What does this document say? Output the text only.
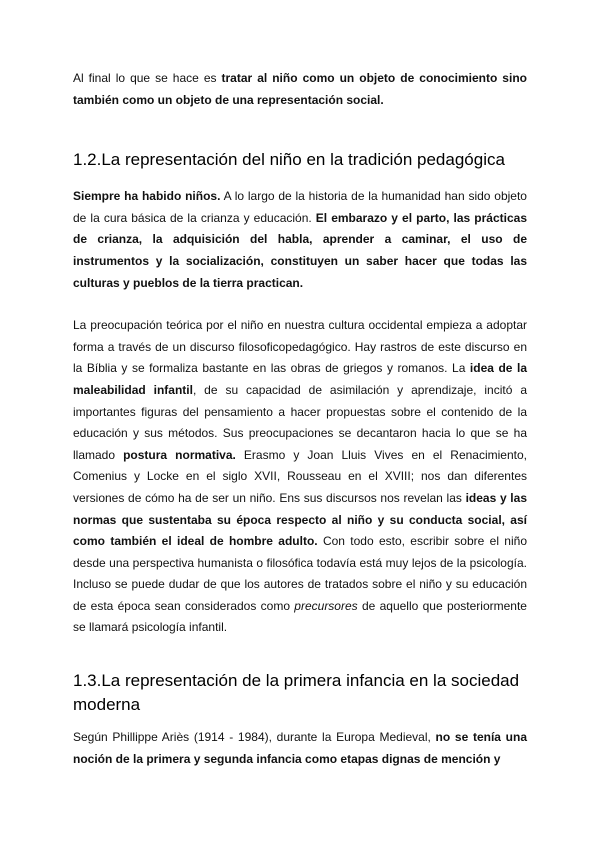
Al final lo que se hace es tratar al niño como un objeto de conocimiento sino también como un objeto de una representación social.

1.2.La representación del niño en la tradición pedagógica

Siempre ha habido niños. A lo largo de la historia de la humanidad han sido objeto de la cura básica de la crianza y educación. El embarazo y el parto, las prácticas de crianza, la adquisición del habla, aprender a caminar, el uso de instrumentos y la socialización, constituyen un saber hacer que todas las culturas y pueblos de la tierra practican.

La preocupación teórica por el niño en nuestra cultura occidental empieza a adoptar forma a través de un discurso filosoficopedagógico. Hay rastros de este discurso en la Bíblia y se formaliza bastante en las obras de griegos y romanos. La idea de la maleabilidad infantil, de su capacidad de asimilación y aprendizaje, incitó a importantes figuras del pensamiento a hacer propuestas sobre el contenido de la educación y sus métodos. Sus preocupaciones se decantaron hacia lo que se ha llamado postura normativa. Erasmo y Joan Lluis Vives en el Renacimiento, Comenius y Locke en el siglo XVII, Rousseau en el XVIII; nos dan diferentes versiones de cómo ha de ser un niño. Ens sus discursos nos revelan las ideas y las normas que sustentaba su época respecto al niño y su conducta social, así como también el ideal de hombre adulto. Con todo esto, escribir sobre el niño desde una perspectiva humanista o filosófica todavía está muy lejos de la psicología. Incluso se puede dudar de que los autores de tratados sobre el niño y su educación de esta época sean considerados como precursores de aquello que posteriormente se llamará psicología infantil.

1.3.La representación de la primera infancia en la sociedad moderna

Según Phillippe Ariès (1914 - 1984), durante la Europa Medieval, no se tenía una noción de la primera y segunda infancia como etapas dignas de mención y
